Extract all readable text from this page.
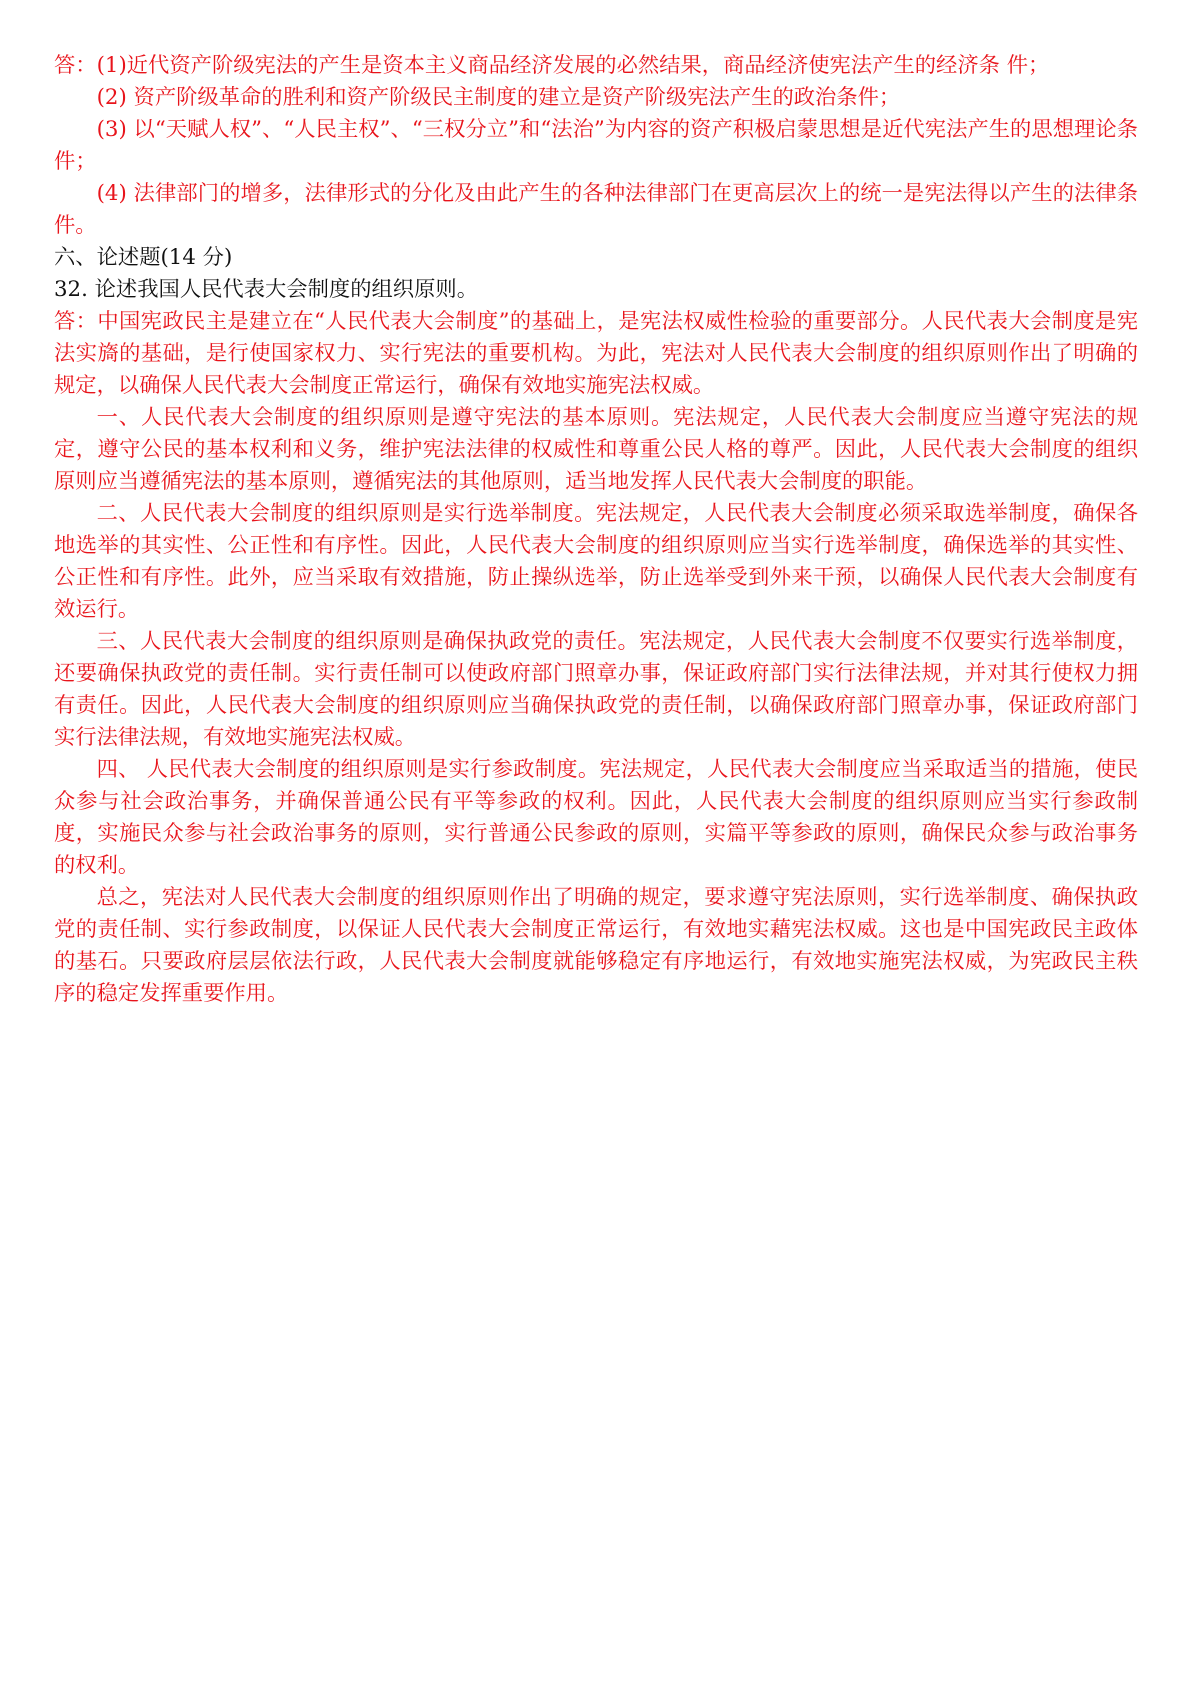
答：(1)近代资产阶级宪法的产生是资本主义商品经济发展的必然结果，商品经济使宪法产生的经济条 件；

(2) 资产阶级革命的胜利和资产阶级民主制度的建立是资产阶级宪法产生的政治条件；

(3) 以“天赋人权”、“人民主权”、“三权分立”和“法治”为内容的资产积极启蒙思想是近代宪法产生的思想理论条件；

(4) 法律部门的增多，法律形式的分化及由此产生的各种法律部门在更高层次上的统一是宪法得以产生的法律条件。

六、论述题(14 分)

32. 论述我国人民代表大会制度的组织原则。

答：中国宪政民主是建立在“人民代表大会制度”的基础上，是宪法权威性检验的重要部分。人民代表大会制度是宪法实旖的基础，是行使国家权力、实行宪法的重要机构。为此，宪法对人民代表大会制度的组织原则作出了明确的规定，以确保人民代表大会制度正常运行，确保有效地实施宪法权威。

一、人民代表大会制度的组织原则是遵守宪法的基本原则。宪法规定，人民代表大会制度应当遵守宪法的规定，遵守公民的基本权利和义务，维护宪法法律的权威性和尊重公民人格的尊严。因此，人民代表大会制度的组织原则应当遵循宪法的基本原则，遵循宪法的其他原则，适当地发挥人民代表大会制度的职能。

二、人民代表大会制度的组织原则是实行选举制度。宪法规定，人民代表大会制度必须采取选举制度，确保各地选举的其实性、公正性和有序性。因此，人民代表大会制度的组织原则应当实行选举制度，确保选举的其实性、公正性和有序性。此外，应当采取有效措施，防止操纵选举，防止选举受到外来干预，以确保人民代表大会制度有效运行。

三、人民代表大会制度的组织原则是确保执政党的责任。宪法规定，人民代表大会制度不仅要实行选举制度，还要确保执政党的责任制。实行责任制可以使政府部门照章办事，保证政府部门实行法律法规，并对其行使权力拥有责任。因此，人民代表大会制度的组织原则应当确保执政党的责任制，以确保政府部门照章办事，保证政府部门实行法律法规，有效地实施宪法权威。

四、 人民代表大会制度的组织原则是实行参政制度。宪法规定，人民代表大会制度应当采取适当的措施，使民众参与社会政治事务，并确保普通公民有平等参政的权利。因此，人民代表大会制度的组织原则应当实行参政制度，实施民众参与社会政治事务的原则，实行普通公民参政的原则，实篇平等参政的原则，确保民众参与政治事务的权利。

总之，宪法对人民代表大会制度的组织原则作出了明确的规定，要求遵守宪法原则，实行选举制度、确保执政党的责任制、实行参政制度，以保证人民代表大会制度正常运行，有效地实藉宪法权威。这也是中国宪政民主政体的基石。只要政府层层依法行政，人民代表大会制度就能够稳定有序地运行，有效地实施宪法权威，为宪政民主秩序的稳定发挥重要作用。
